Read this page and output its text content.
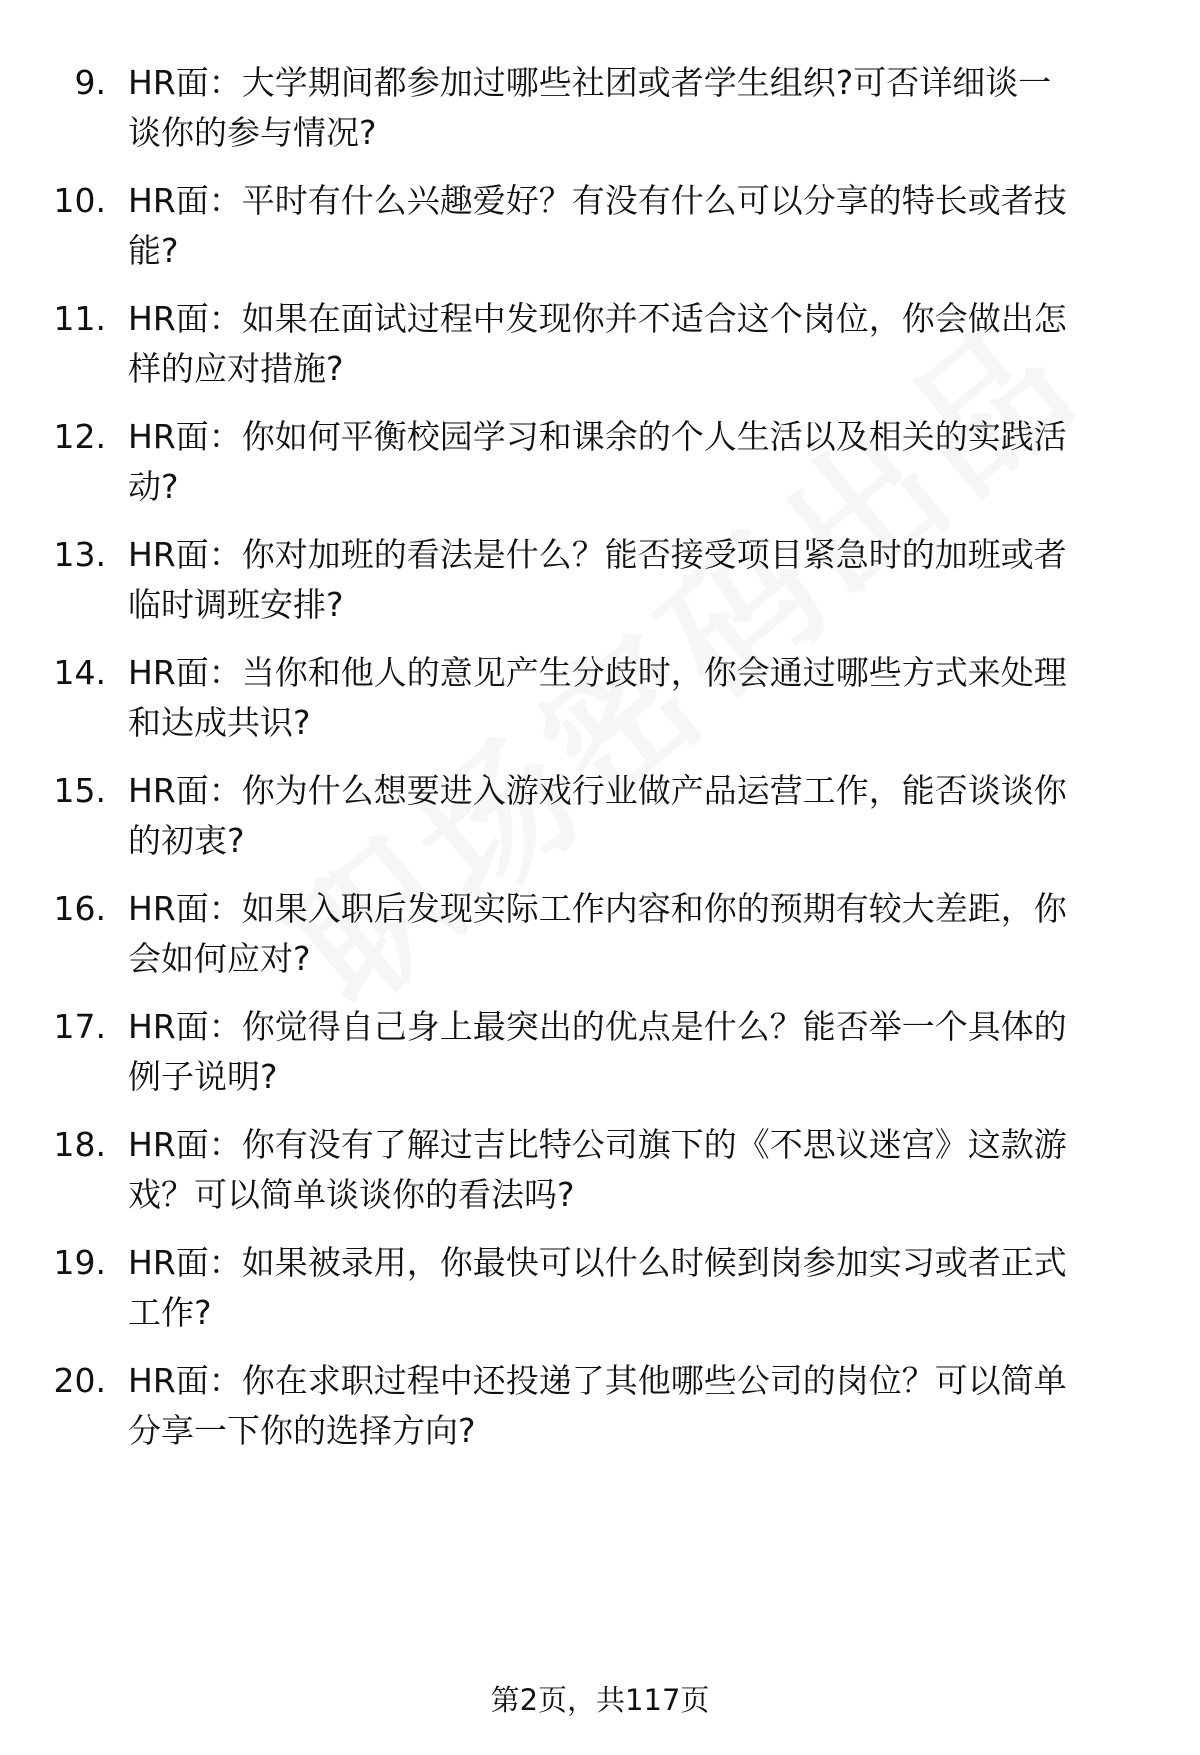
9. HR面：大学期间都参加过哪些社团或者学生组织?可否详细谈一
谈你的参与情况?
10. HR面：平时有什么兴趣爱好？有没有什么可以分享的特长或者技
能?
11. HR面：如果在面试过程中发现你并不适合这个岗位，你会做出怎
样的应对措施?
12. HR面：你如何平衡校园学习和课余的个人生活以及相关的实践活
动?
13. HR面：你对加班的看法是什么？能否接受项目紧急时的加班或者
临时调班安排?
14. HR面：当你和他人的意见产生分歧时，你会通过哪些方式来处理
和达成共识?
15. HR面：你为什么想要进入游戏行业做产品运营工作，能否谈谈你
的初衷?
16. HR面：如果入职后发现实际工作内容和你的预期有较大差距，你
会如何应对?
17. HR面：你觉得自己身上最突出的优点是什么？能否举一个具体的
例子说明?
18. HR面：你有没有了解过吉比特公司旗下的《不思议迷宫》这款游
戏？可以简单谈谈你的看法吗?
19. HR面：如果被录用，你最快可以什么时候到岗参加实习或者正式
工作?
20. HR面：你在求职过程中还投递了其他哪些公司的岗位？可以简单
分享一下你的选择方向?
第2页，共117页
